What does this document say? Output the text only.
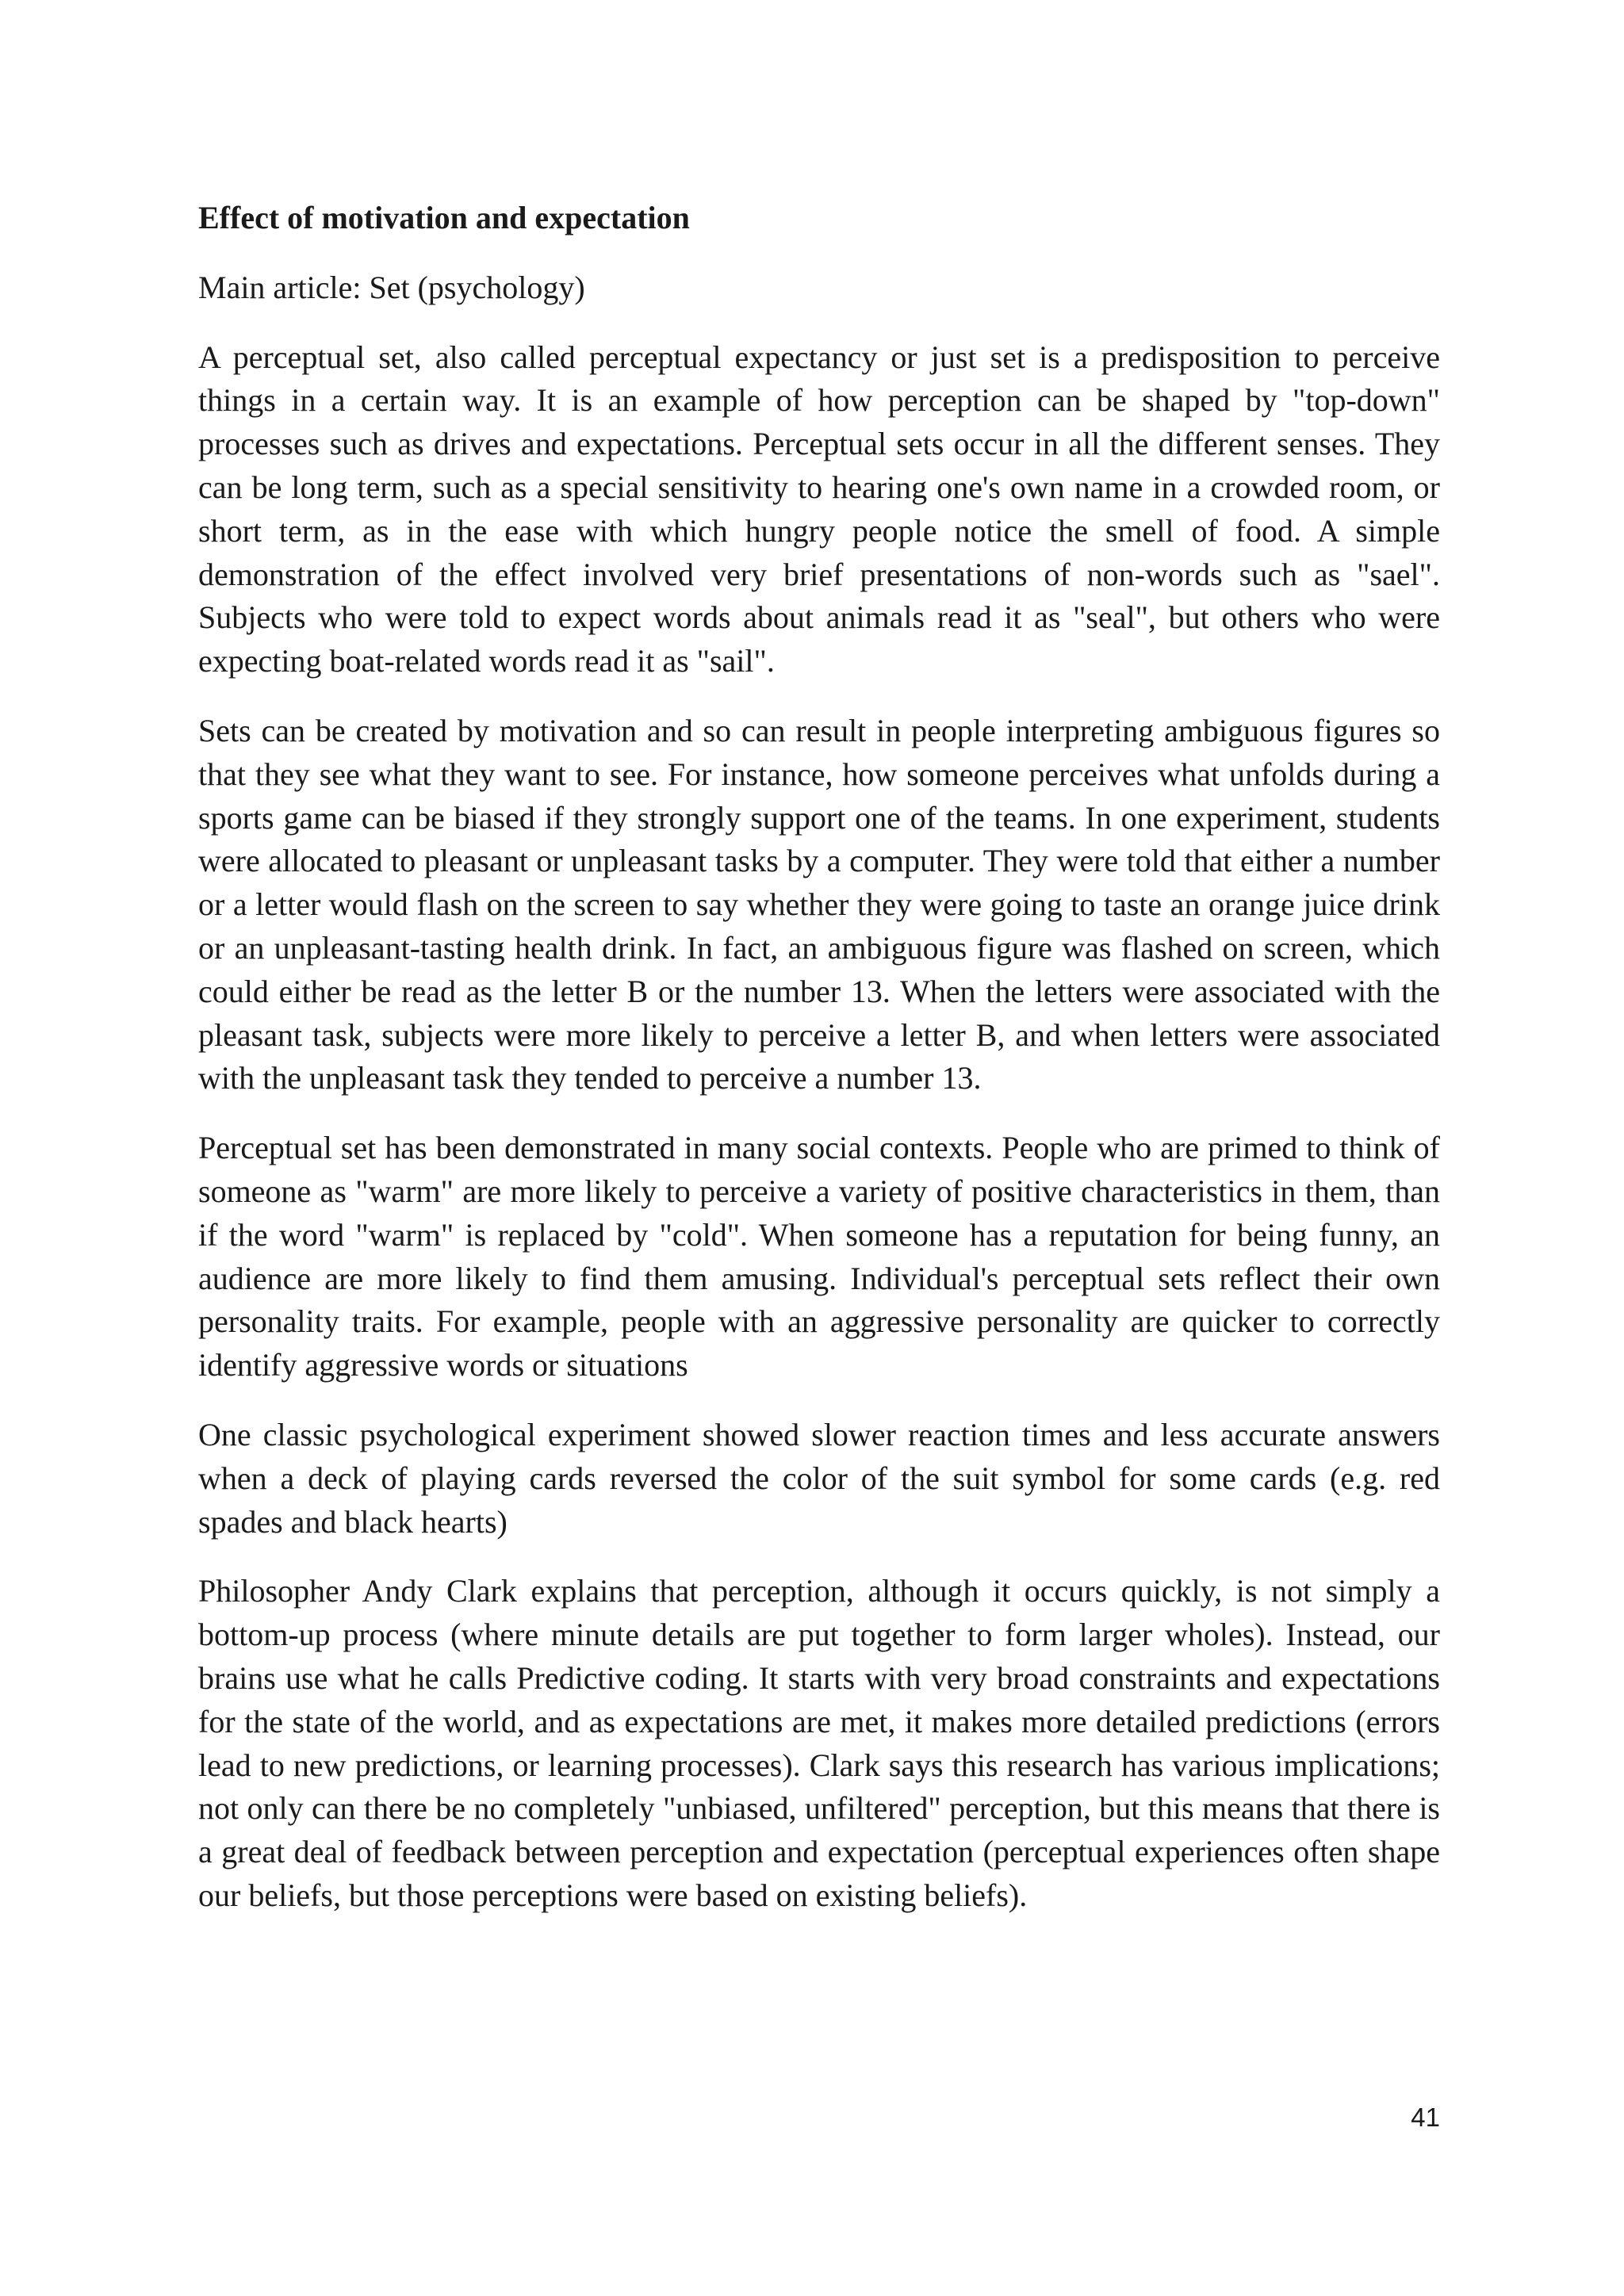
Effect of motivation and expectation
Main article: Set (psychology)

A perceptual set, also called perceptual expectancy or just set is a predisposition to perceive things in a certain way. It is an example of how perception can be shaped by "top-down" processes such as drives and expectations. Perceptual sets occur in all the different senses. They can be long term, such as a special sensitivity to hearing one's own name in a crowded room, or short term, as in the ease with which hungry people notice the smell of food. A simple demonstration of the effect involved very brief presentations of non-words such as "sael". Subjects who were told to expect words about animals read it as "seal", but others who were expecting boat-related words read it as "sail".

Sets can be created by motivation and so can result in people interpreting ambiguous figures so that they see what they want to see. For instance, how someone perceives what unfolds during a sports game can be biased if they strongly support one of the teams. In one experiment, students were allocated to pleasant or unpleasant tasks by a computer. They were told that either a number or a letter would flash on the screen to say whether they were going to taste an orange juice drink or an unpleasant-tasting health drink. In fact, an ambiguous figure was flashed on screen, which could either be read as the letter B or the number 13. When the letters were associated with the pleasant task, subjects were more likely to perceive a letter B, and when letters were associated with the unpleasant task they tended to perceive a number 13.

Perceptual set has been demonstrated in many social contexts. People who are primed to think of someone as "warm" are more likely to perceive a variety of positive characteristics in them, than if the word "warm" is replaced by "cold". When someone has a reputation for being funny, an audience are more likely to find them amusing. Individual's perceptual sets reflect their own personality traits. For example, people with an aggressive personality are quicker to correctly identify aggressive words or situations

One classic psychological experiment showed slower reaction times and less accurate answers when a deck of playing cards reversed the color of the suit symbol for some cards (e.g. red spades and black hearts)

Philosopher Andy Clark explains that perception, although it occurs quickly, is not simply a bottom-up process (where minute details are put together to form larger wholes). Instead, our brains use what he calls Predictive coding. It starts with very broad constraints and expectations for the state of the world, and as expectations are met, it makes more detailed predictions (errors lead to new predictions, or learning processes). Clark says this research has various implications; not only can there be no completely "unbiased, unfiltered" perception, but this means that there is a great deal of feedback between perception and expectation (perceptual experiences often shape our beliefs, but those perceptions were based on existing beliefs).

41
